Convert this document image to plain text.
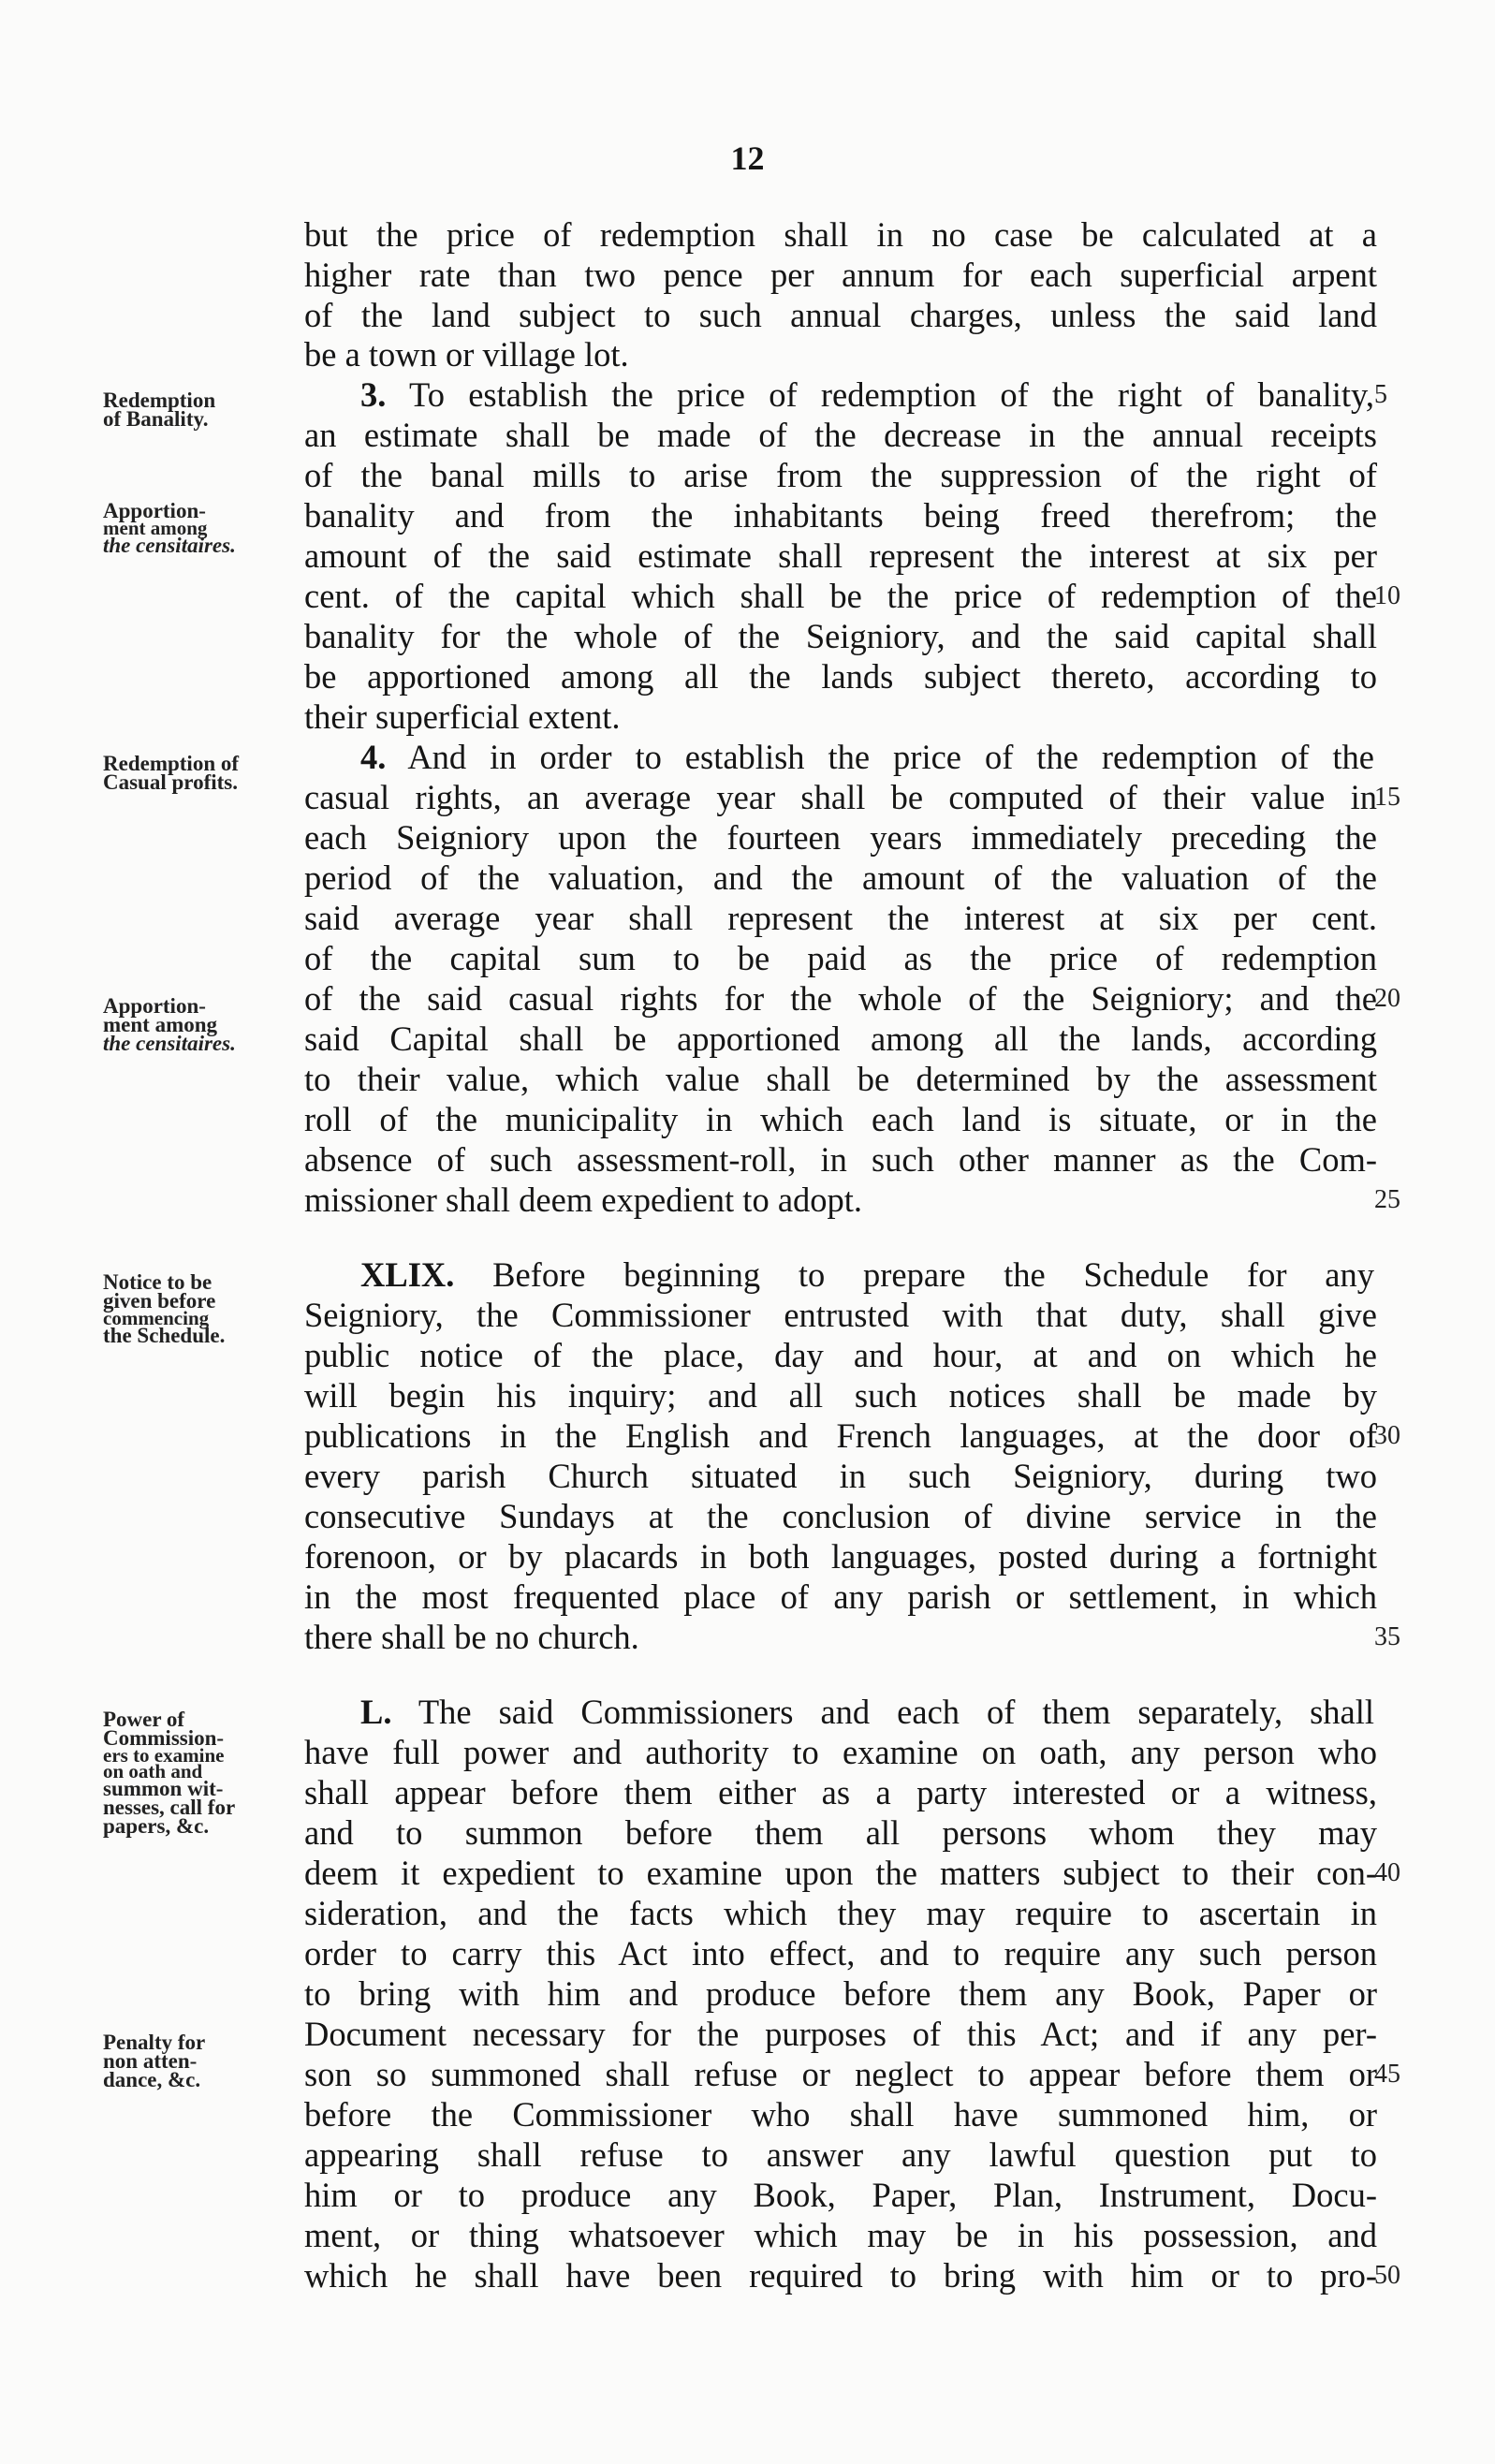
12
but the price of redemption shall in no case be calculated at a
higher rate than two pence per annum for each superficial arpent
of the land subject to such annual charges, unless the said land
be a town or village lot.
3. To establish the price of redemption of the right of banality,
an estimate shall be made of the decrease in the annual receipts
of the banal mills to arise from the suppression of the right of
banality and from the inhabitants being freed therefrom; the
amount of the said estimate shall represent the interest at six per
cent. of the capital which shall be the price of redemption of the
banality for the whole of the Seigniory, and the said capital shall
be apportioned among all the lands subject thereto, according to
their superficial extent.
4. And in order to establish the price of the redemption of the
casual rights, an average year shall be computed of their value in
each Seigniory upon the fourteen years immediately preceding the
period of the valuation, and the amount of the valuation of the
said average year shall represent the interest at six per cent.
of the capital sum to be paid as the price of redemption
of the said casual rights for the whole of the Seigniory; and the
said Capital shall be apportioned among all the lands, according
to their value, which value shall be determined by the assessment
roll of the municipality in which each land is situate, or in the
absence of such assessment-roll, in such other manner as the Com-
missioner shall deem expedient to adopt.
XLIX. Before beginning to prepare the Schedule for any
Seigniory, the Commissioner entrusted with that duty, shall give
public notice of the place, day and hour, at and on which he
will begin his inquiry; and all such notices shall be made by
publications in the English and French languages, at the door of
every parish Church situated in such Seigniory, during two
consecutive Sundays at the conclusion of divine service in the
forenoon, or by placards in both languages, posted during a fortnight
in the most frequented place of any parish or settlement, in which
there shall be no church.
L. The said Commissioners and each of them separately, shall
have full power and authority to examine on oath, any person who
shall appear before them either as a party interested or a witness,
and to summon before them all persons whom they may
deem it expedient to examine upon the matters subject to their con-
sideration, and the facts which they may require to ascertain in
order to carry this Act into effect, and to require any such person
to bring with him and produce before them any Book, Paper or
Document necessary for the purposes of this Act; and if any per-
son so summoned shall refuse or neglect to appear before them or
before the Commissioner who shall have summoned him, or
appearing shall refuse to answer any lawful question put to
him or to produce any Book, Paper, Plan, Instrument, Docu-
ment, or thing whatsoever which may be in his possession, and
which he shall have been required to bring with him or to pro-
Redemption
of Banality.
Apportion-
ment among
the censitaires.
Redemption of
Casual profits.
Apportion-
ment among
the censitaires.
Notice to be
given before
commencing
the Schedule.
Power of
Commission-
ers to examine
on oath and
summon wit-
nesses, call for
papers, &c.
Penalty for
non atten-
dance, &c.
5
10
15
20
25
30
35
40
45
50
